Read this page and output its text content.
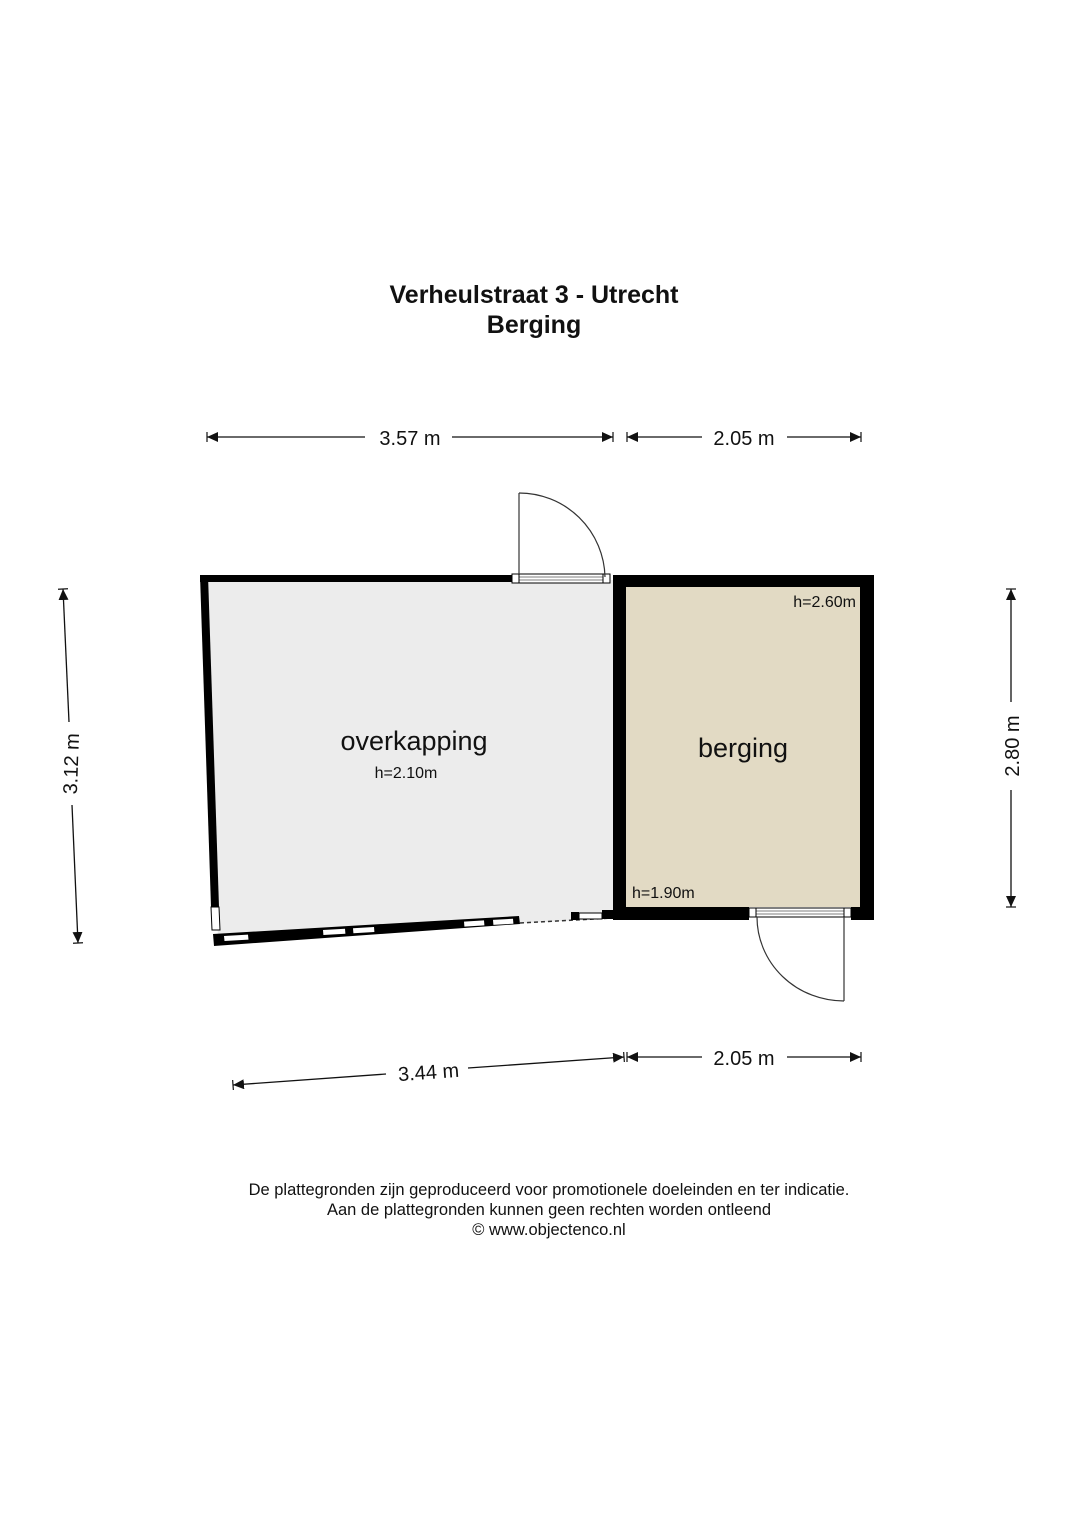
Verheulstraat 3 - Utrecht
Berging
3.57 m	2.05 m
3.12 m	2.80 m
overkapping
h=2.10m
berging
h=2.60m
h=1.90m
3.44 m
2.05 m
De plattegronden zijn geproduceerd voor promotionele doeleinden en ter indicatie.
Aan de plattegronden kunnen geen rechten worden ontleend
© www.objectenco.nl
